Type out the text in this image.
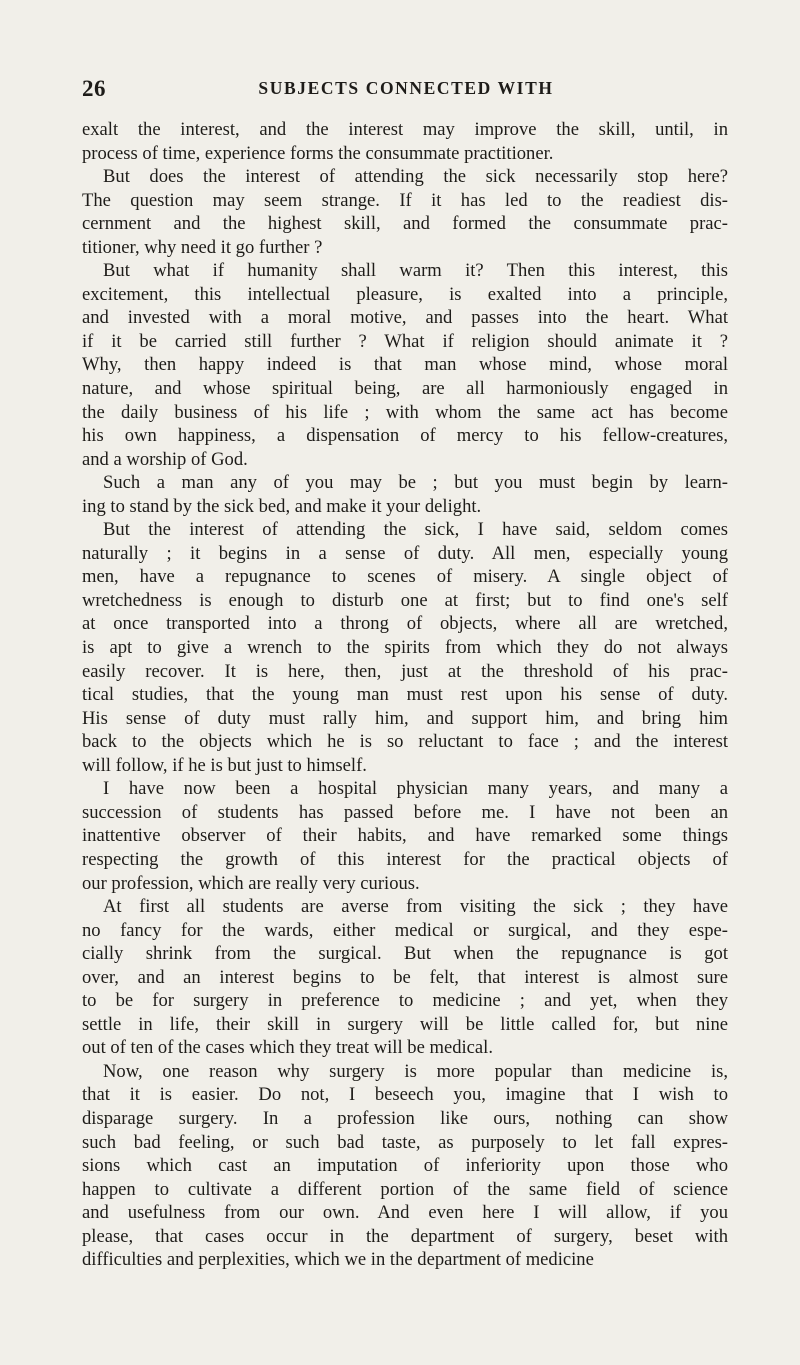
26	SUBJECTS CONNECTED WITH
exalt the interest, and the interest may improve the skill, until, in
process of time, experience forms the consummate practitioner.
But does the interest of attending the sick necessarily stop here?
The question may seem strange. If it has led to the readiest dis-
cernment and the highest skill, and formed the consummate prac-
titioner, why need it go further ?
But what if humanity shall warm it? Then this interest, this
excitement, this intellectual pleasure, is exalted into a principle,
and invested with a moral motive, and passes into the heart. What
if it be carried still further ? What if religion should animate it ?
Why, then happy indeed is that man whose mind, whose moral
nature, and whose spiritual being, are all harmoniously engaged in
the daily business of his life ; with whom the same act has become
his own happiness, a dispensation of mercy to his fellow-creatures,
and a worship of God.
Such a man any of you may be ; but you must begin by learn-
ing to stand by the sick bed, and make it your delight.
But the interest of attending the sick, I have said, seldom comes
naturally ; it begins in a sense of duty. All men, especially young
men, have a repugnance to scenes of misery. A single object of
wretchedness is enough to disturb one at first; but to find one's self
at once transported into a throng of objects, where all are wretched,
is apt to give a wrench to the spirits from which they do not always
easily recover. It is here, then, just at the threshold of his prac-
tical studies, that the young man must rest upon his sense of duty.
His sense of duty must rally him, and support him, and bring him
back to the objects which he is so reluctant to face ; and the interest
will follow, if he is but just to himself.
I have now been a hospital physician many years, and many a
succession of students has passed before me. I have not been an
inattentive observer of their habits, and have remarked some things
respecting the growth of this interest for the practical objects of
our profession, which are really very curious.
At first all students are averse from visiting the sick ; they have
no fancy for the wards, either medical or surgical, and they espe-
cially shrink from the surgical. But when the repugnance is got
over, and an interest begins to be felt, that interest is almost sure
to be for surgery in preference to medicine ; and yet, when they
settle in life, their skill in surgery will be little called for, but nine
out of ten of the cases which they treat will be medical.
Now, one reason why surgery is more popular than medicine is,
that it is easier. Do not, I beseech you, imagine that I wish to
disparage surgery. In a profession like ours, nothing can show
such bad feeling, or such bad taste, as purposely to let fall expres-
sions which cast an imputation of inferiority upon those who
happen to cultivate a different portion of the same field of science
and usefulness from our own. And even here I will allow, if you
please, that cases occur in the department of surgery, beset with
difficulties and perplexities, which we in the department of medicine
